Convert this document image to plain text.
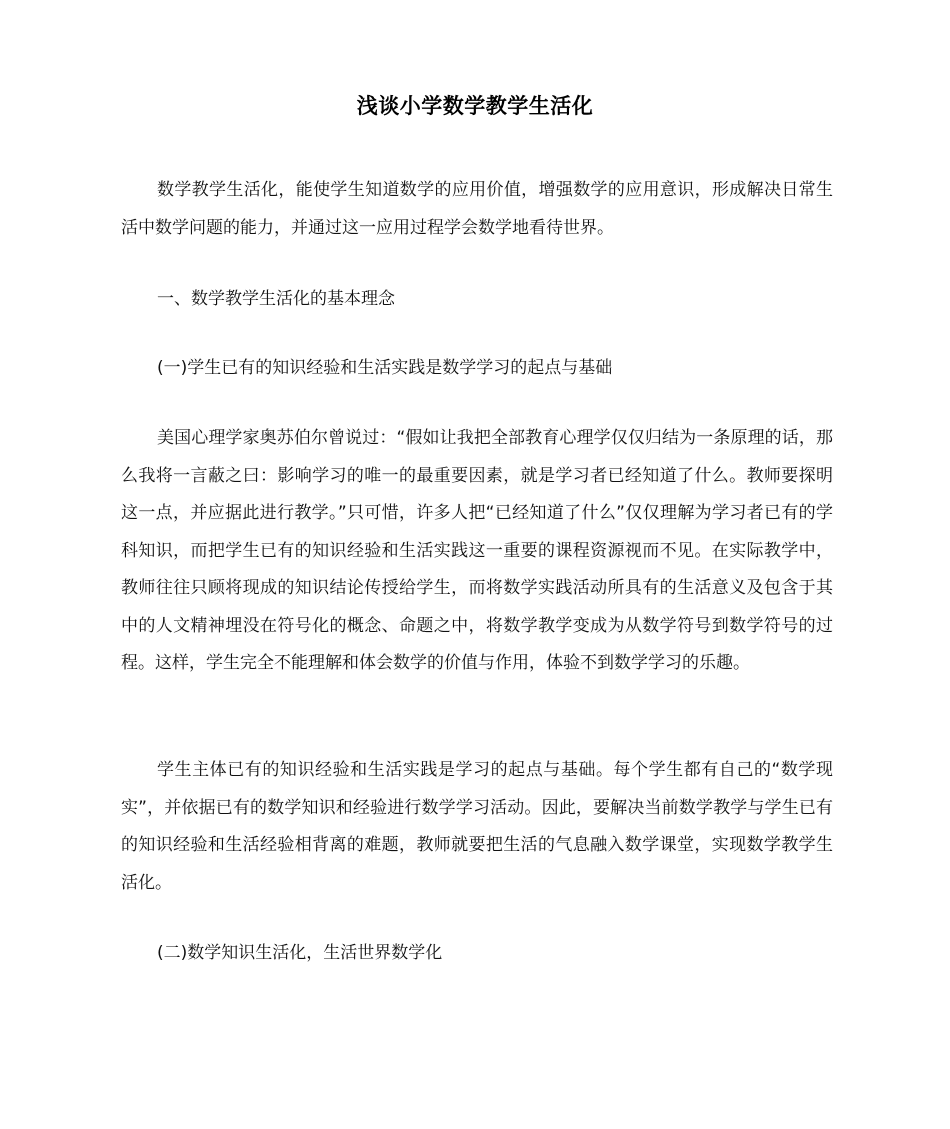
浅谈小学数学教学生活化

数学教学生活化，能使学生知道数学的应用价值，增强数学的应用意识，形成解决日常生活中数学问题的能力，并通过这一应用过程学会数学地看待世界。

一、数学教学生活化的基本理念

(一)学生已有的知识经验和生活实践是数学学习的起点与基础

美国心理学家奥苏伯尔曾说过：“假如让我把全部教育心理学仅仅归结为一条原理的话，那么我将一言蔽之曰：影响学习的唯一的最重要因素，就是学习者已经知道了什么。教师要探明这一点，并应据此进行教学。”只可惜，许多人把“已经知道了什么”仅仅理解为学习者已有的学科知识，而把学生已有的知识经验和生活实践这一重要的课程资源视而不见。在实际教学中，教师往往只顾将现成的知识结论传授给学生，而将数学实践活动所具有的生活意义及包含于其中的人文精神埋没在符号化的概念、命题之中，将数学教学变成为从数学符号到数学符号的过程。这样，学生完全不能理解和体会数学的价值与作用，体验不到数学学习的乐趣。

学生主体已有的知识经验和生活实践是学习的起点与基础。每个学生都有自己的“数学现实”，并依据已有的数学知识和经验进行数学学习活动。因此，要解决当前数学教学与学生已有的知识经验和生活经验相背离的难题，教师就要把生活的气息融入数学课堂，实现数学教学生活化。

(二)数学知识生活化，生活世界数学化
